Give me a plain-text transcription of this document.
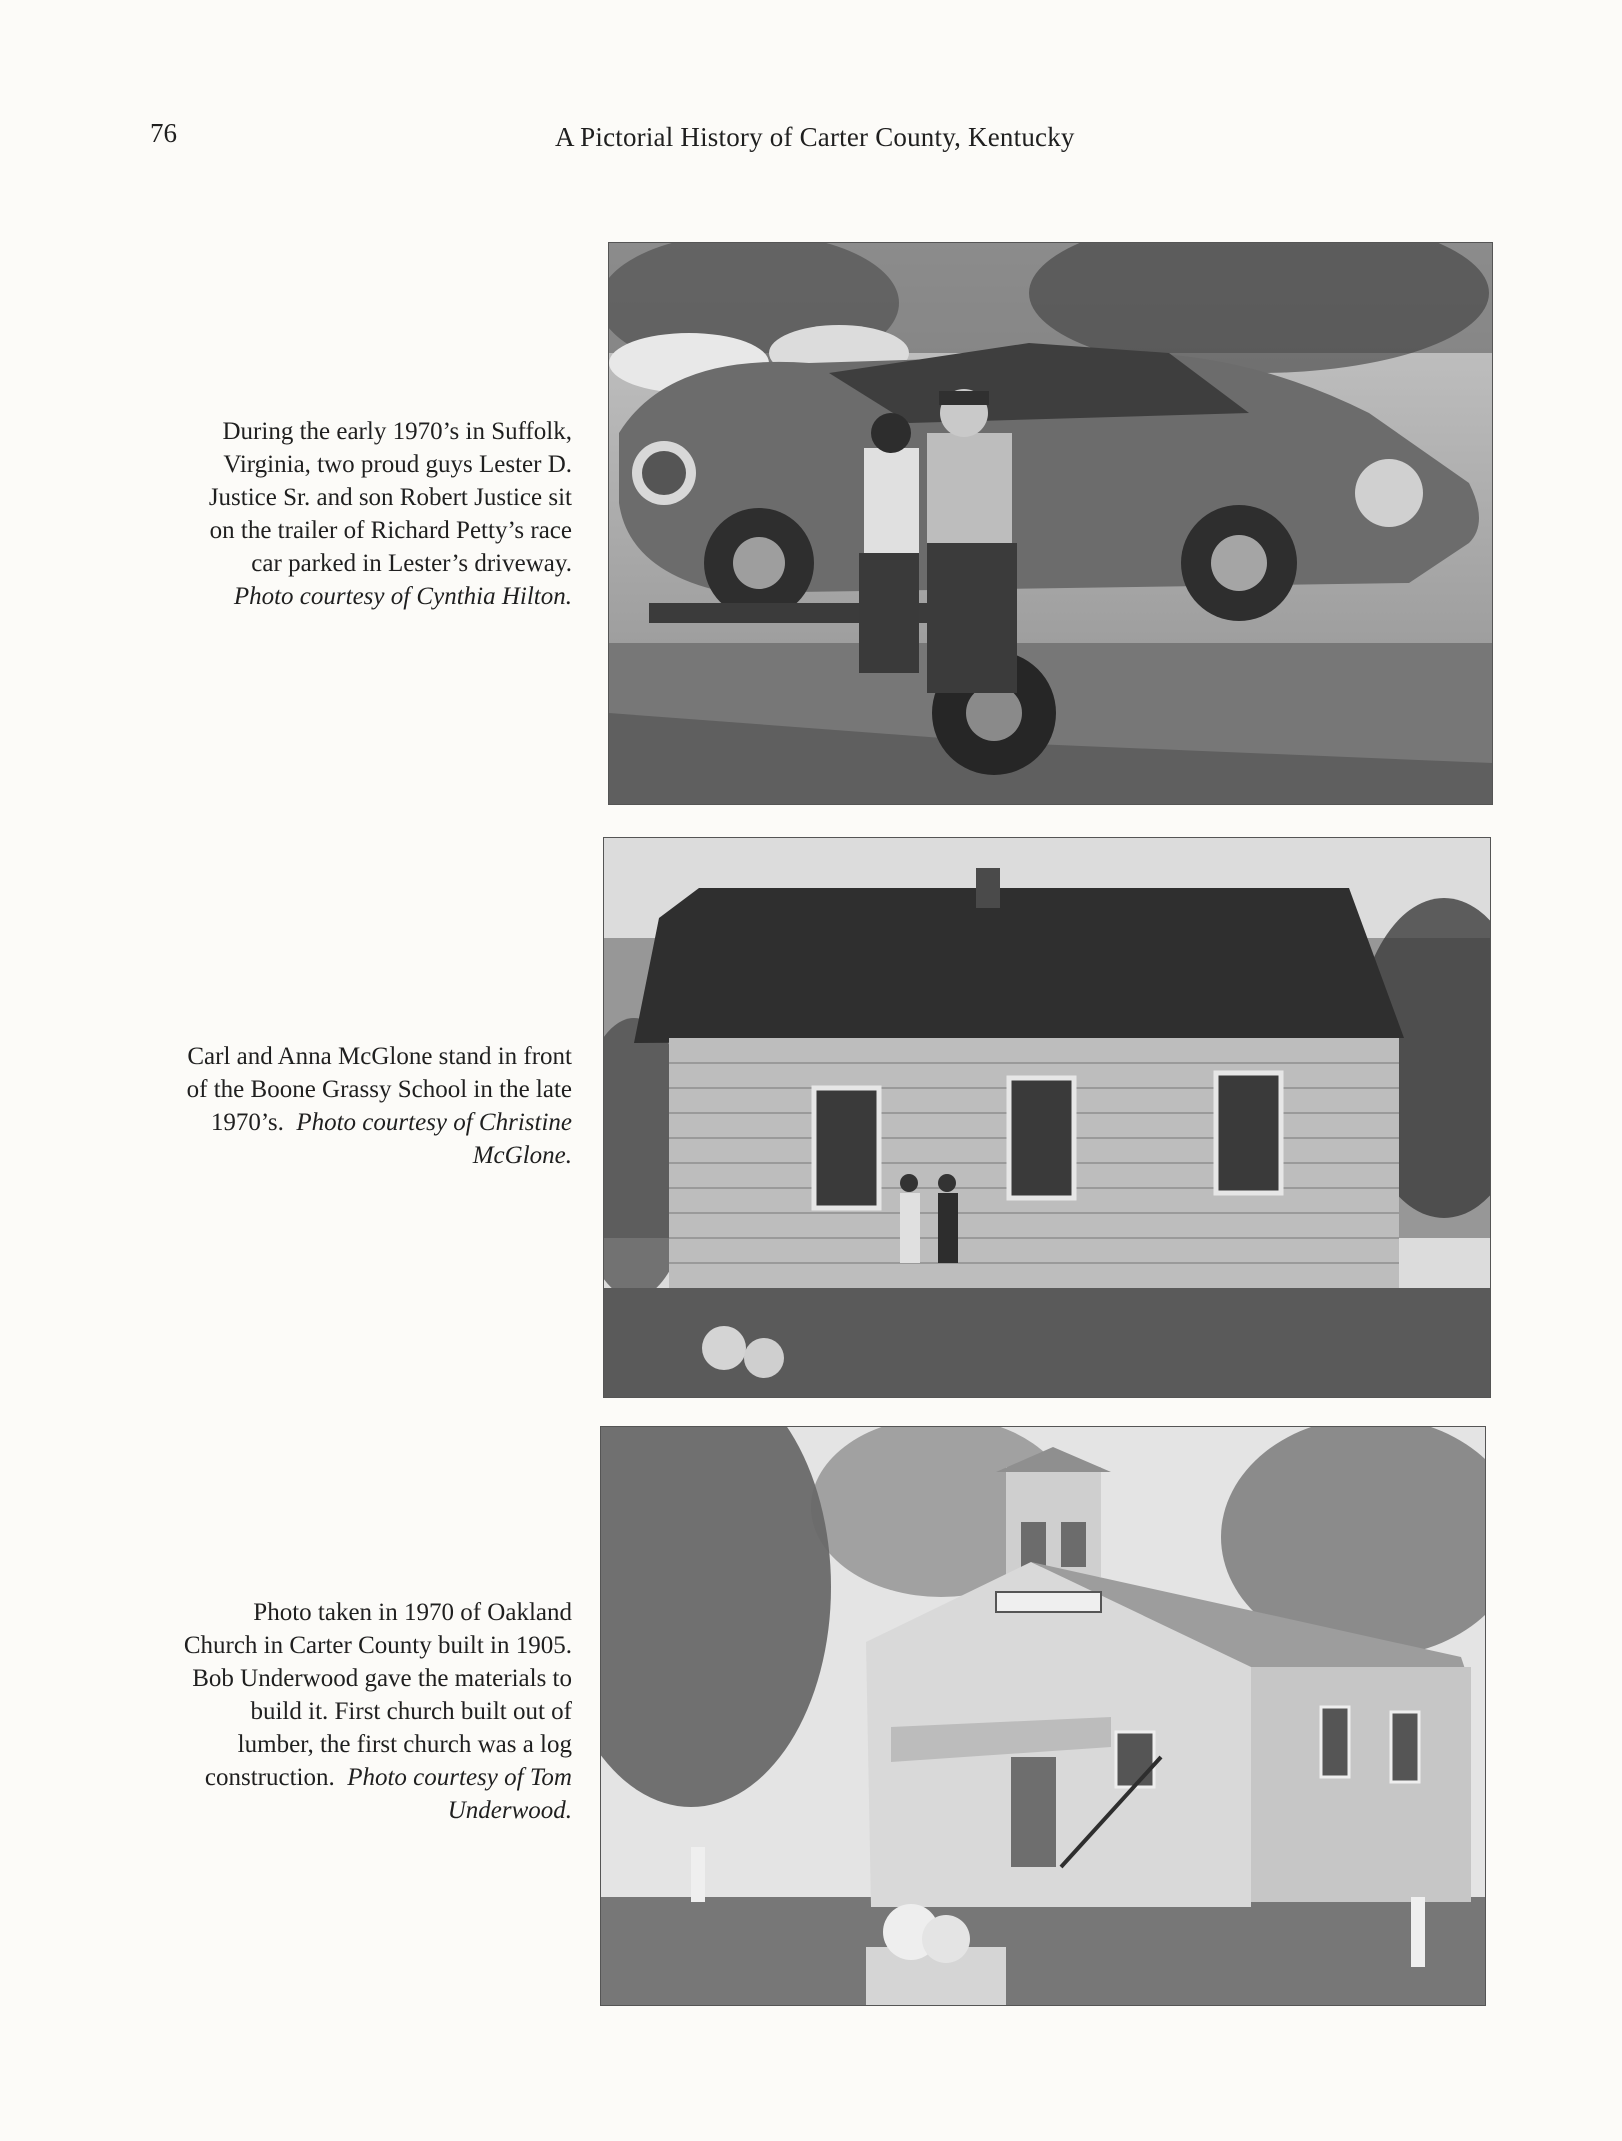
76	A Pictorial History of Carter County, Kentucky
During the early 1970’s in Suffolk,
Virginia, two proud guys Lester D.
Justice Sr. and son Robert Justice sit
on the trailer of Richard Petty’s race
car parked in Lester’s driveway.
Photo courtesy of Cynthia Hilton.
Carl and Anna McGlone stand in front
of the Boone Grassy School in the late
1970’s. Photo courtesy of Christine
McGlone.
Photo taken in 1970 of Oakland
Church in Carter County built in 1905.
Bob Underwood gave the materials to
build it. First church built out of
lumber, the first church was a log
construction. Photo courtesy of Tom
Underwood.
